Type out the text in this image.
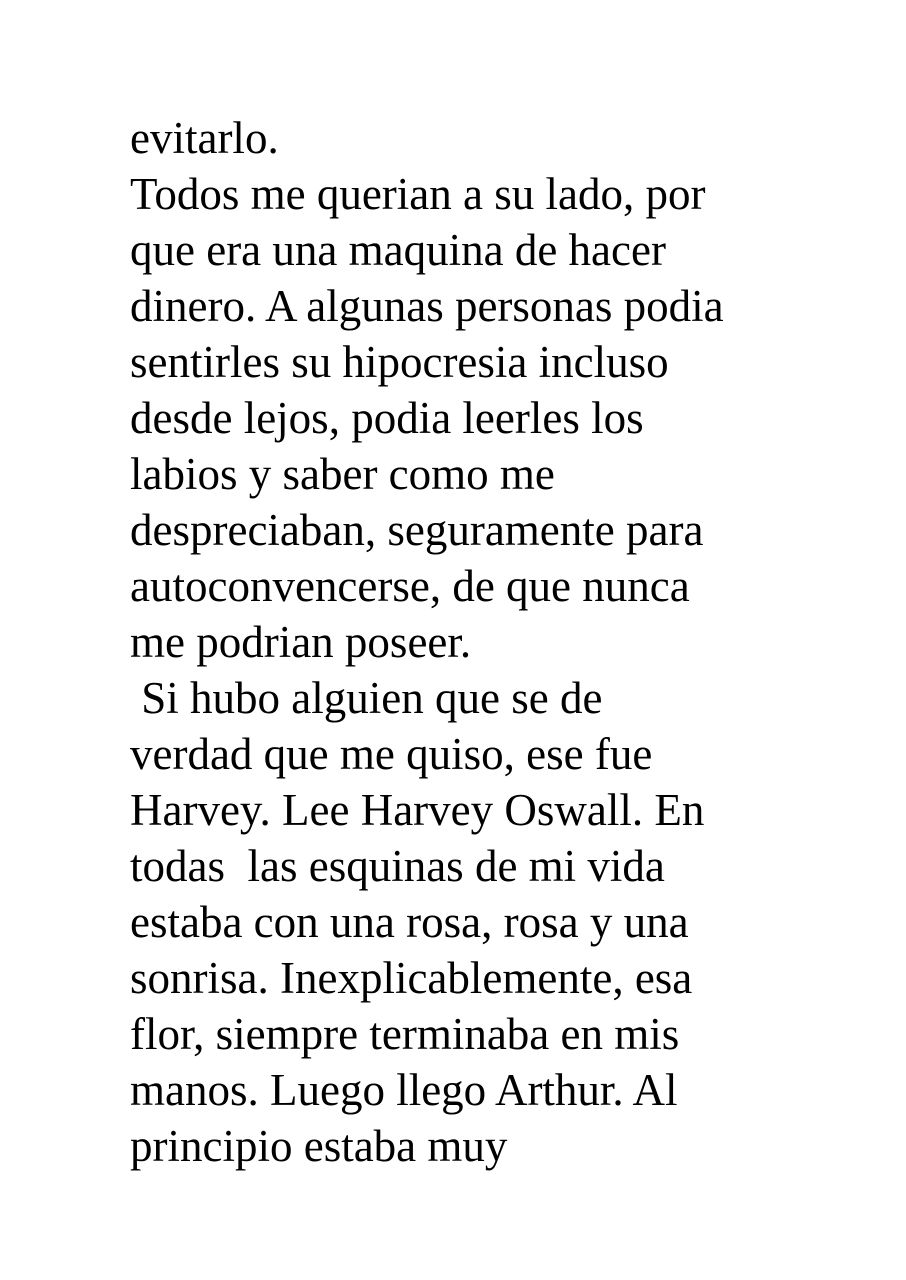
evitarlo.
Todos me querian a su lado, por
que era una maquina de hacer
dinero. A algunas personas podia
sentirles su hipocresia incluso
desde lejos, podia leerles los
labios y saber como me
despreciaban, seguramente para
autoconvencerse, de que nunca
me podrian poseer.
Si hubo alguien que se de
verdad que me quiso, ese fue
Harvey. Lee Harvey Oswall. En
todas  las esquinas de mi vida
estaba con una rosa, rosa y una
sonrisa. Inexplicablemente, esa
flor, siempre terminaba en mis
manos. Luego llego Arthur. Al
principio estaba muy
